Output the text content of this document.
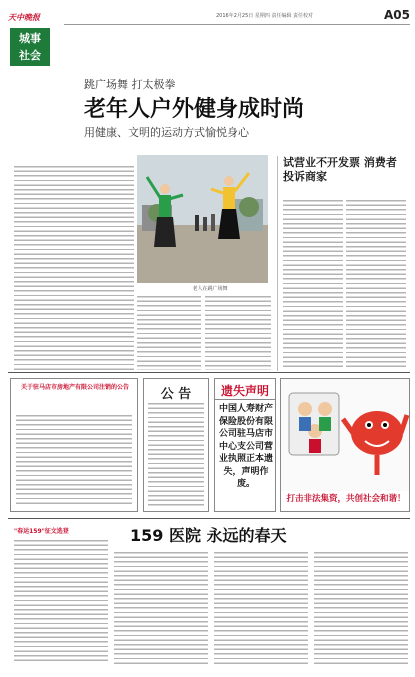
天中晚报
城事
社会
2016年2月25日 星期四 责任编辑 责任校对	A05
跳广场舞 打太极拳
老年人户外健身成时尚
用健康、文明的运动方式愉悦身心
老人在跳广场舞
试营业不开发票 消费者投诉商家
关于驻马店市房地产有限公司注销的公告	公 告	遗失声明
中国人寿财产保险股份有限公司驻马店市中心支公司营业执照正本遗失，声明作废。
打击非法集资，共创社会和谐！
"春运159"征文选登	159 医院 永远的春天
